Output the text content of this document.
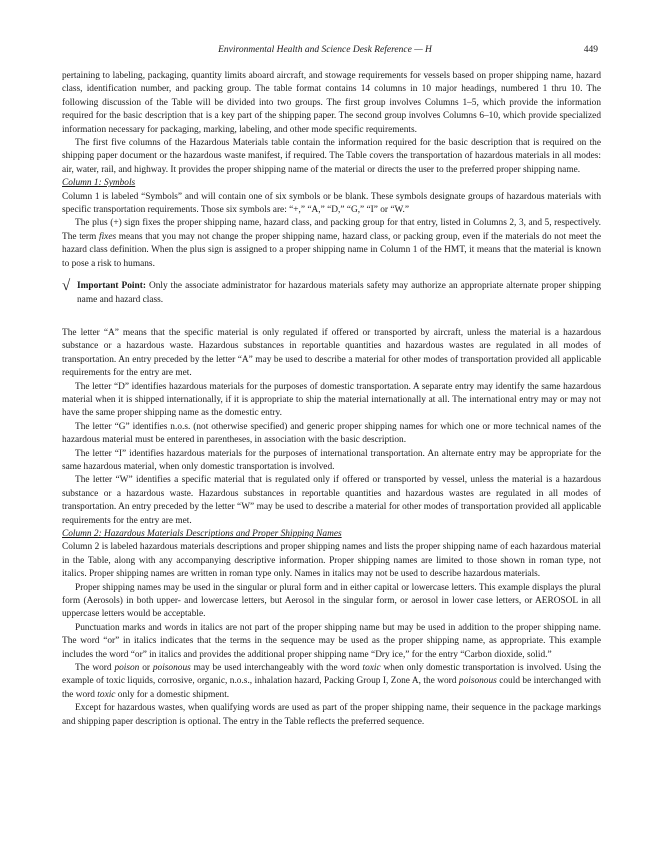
Environmental Health and Science Desk Reference — H	449

pertaining to labeling, packaging, quantity limits aboard aircraft, and stowage requirements for vessels based on proper shipping name, hazard class, identification number, and packing group. The table format contains 14 columns in 10 major headings, numbered 1 thru 10. The following discussion of the Table will be divided into two groups. The first group involves Columns 1–5, which provide the information required for the basic description that is a key part of the shipping paper. The second group involves Columns 6–10, which provide specialized information necessary for packaging, marking, labeling, and other mode specific requirements.

The first five columns of the Hazardous Materials table contain the information required for the basic description that is required on the shipping paper document or the hazardous waste manifest, if required. The Table covers the transportation of hazardous materials in all modes: air, water, rail, and highway. It provides the proper shipping name of the material or directs the user to the preferred proper shipping name.

Column 1: Symbols

Column 1 is labeled “Symbols” and will contain one of six symbols or be blank. These symbols designate groups of hazardous materials with specific transportation requirements. Those six symbols are: “+,” “A,” “D,” “G,” “I” or “W.”

The plus (+) sign fixes the proper shipping name, hazard class, and packing group for that entry, listed in Columns 2, 3, and 5, respectively. The term fixes means that you may not change the proper shipping name, hazard class, or packing group, even if the materials do not meet the hazard class definition. When the plus sign is assigned to a proper shipping name in Column 1 of the HMT, it means that the material is known to pose a risk to humans.

√ Important Point: Only the associate administrator for hazardous materials safety may authorize an appropriate alternate proper shipping name and hazard class.

The letter “A” means that the specific material is only regulated if offered or transported by aircraft, unless the material is a hazardous substance or a hazardous waste. Hazardous substances in reportable quantities and hazardous wastes are regulated in all modes of transportation. An entry preceded by the letter “A” may be used to describe a material for other modes of transportation provided all applicable requirements for the entry are met.

The letter “D” identifies hazardous materials for the purposes of domestic transportation. A separate entry may identify the same hazardous material when it is shipped internationally, if it is appropriate to ship the material internationally at all. The international entry may or may not have the same proper shipping name as the domestic entry.

The letter “G” identifies n.o.s. (not otherwise specified) and generic proper shipping names for which one or more technical names of the hazardous material must be entered in parentheses, in association with the basic description.

The letter “I” identifies hazardous materials for the purposes of international transportation. An alternate entry may be appropriate for the same hazardous material, when only domestic transportation is involved.

The letter “W” identifies a specific material that is regulated only if offered or transported by vessel, unless the material is a hazardous substance or a hazardous waste. Hazardous substances in reportable quantities and hazardous wastes are regulated in all modes of transportation. An entry preceded by the letter “W” may be used to describe a material for other modes of transportation provided all applicable requirements for the entry are met.

Column 2: Hazardous Materials Descriptions and Proper Shipping Names

Column 2 is labeled hazardous materials descriptions and proper shipping names and lists the proper shipping name of each hazardous material in the Table, along with any accompanying descriptive information. Proper shipping names are limited to those shown in roman type, not italics. Proper shipping names are written in roman type only. Names in italics may not be used to describe hazardous materials.

Proper shipping names may be used in the singular or plural form and in either capital or lowercase letters. This example displays the plural form (Aerosols) in both upper- and lowercase letters, but Aerosol in the singular form, or aerosol in lower case letters, or AEROSOL in all uppercase letters would be acceptable.

Punctuation marks and words in italics are not part of the proper shipping name but may be used in addition to the proper shipping name. The word “or” in italics indicates that the terms in the sequence may be used as the proper shipping name, as appropriate. This example includes the word “or” in italics and provides the additional proper shipping name “Dry ice,” for the entry “Carbon dioxide, solid.”

The word poison or poisonous may be used interchangeably with the word toxic when only domestic transportation is involved. Using the example of toxic liquids, corrosive, organic, n.o.s., inhalation hazard, Packing Group I, Zone A, the word poisonous could be interchanged with the word toxic only for a domestic shipment.

Except for hazardous wastes, when qualifying words are used as part of the proper shipping name, their sequence in the package markings and shipping paper description is optional. The entry in the Table reflects the preferred sequence.
